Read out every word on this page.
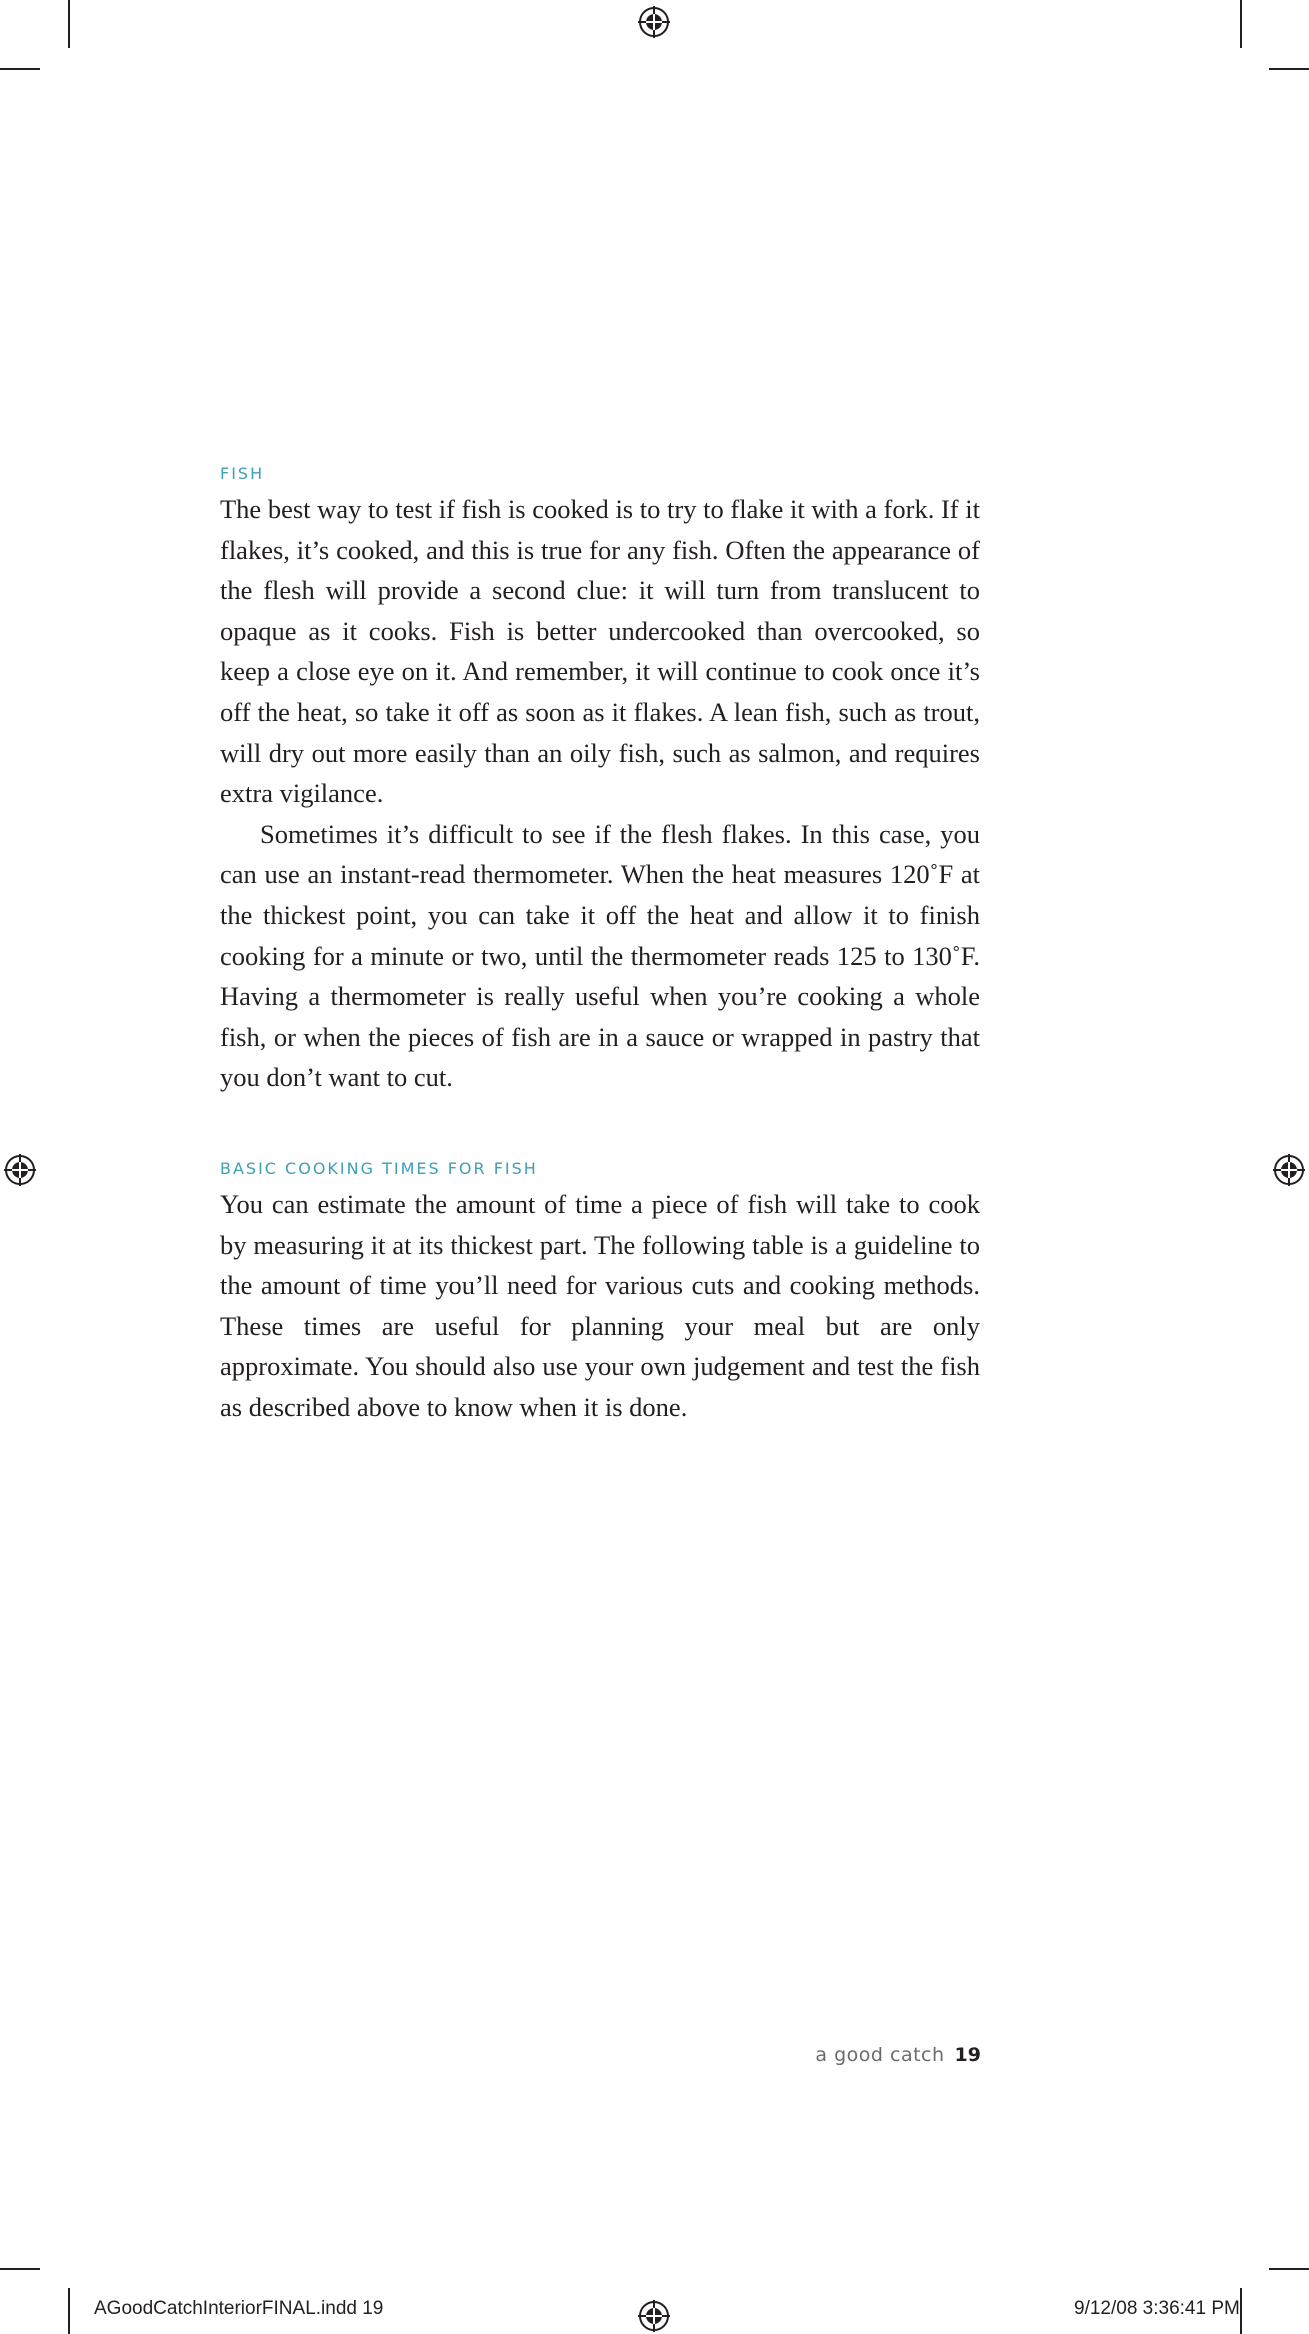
FISH

The best way to test if fish is cooked is to try to flake it with a fork. If it flakes, it’s cooked, and this is true for any fish. Often the appearance of the flesh will provide a second clue: it will turn from translucent to opaque as it cooks. Fish is better undercooked than overcooked, so keep a close eye on it. And remember, it will continue to cook once it’s off the heat, so take it off as soon as it flakes. A lean fish, such as trout, will dry out more easily than an oily fish, such as salmon, and requires extra vigilance.

Sometimes it’s difficult to see if the flesh flakes. In this case, you can use an instant-read thermometer. When the heat measures 120˚F at the thickest point, you can take it off the heat and allow it to finish cooking for a minute or two, until the thermometer reads 125 to 130˚F. Having a thermometer is really useful when you’re cooking a whole fish, or when the pieces of fish are in a sauce or wrapped in pastry that you don’t want to cut.

BASIC COOKING TIMES FOR FISH

You can estimate the amount of time a piece of fish will take to cook by measuring it at its thickest part. The following table is a guideline to the amount of time you’ll need for various cuts and cooking methods. These times are useful for planning your meal but are only approximate. You should also use your own judgement and test the fish as described above to know when it is done.

a good catch 19
AGoodCatchInteriorFINAL.indd 19	9/12/08 3:36:41 PM
